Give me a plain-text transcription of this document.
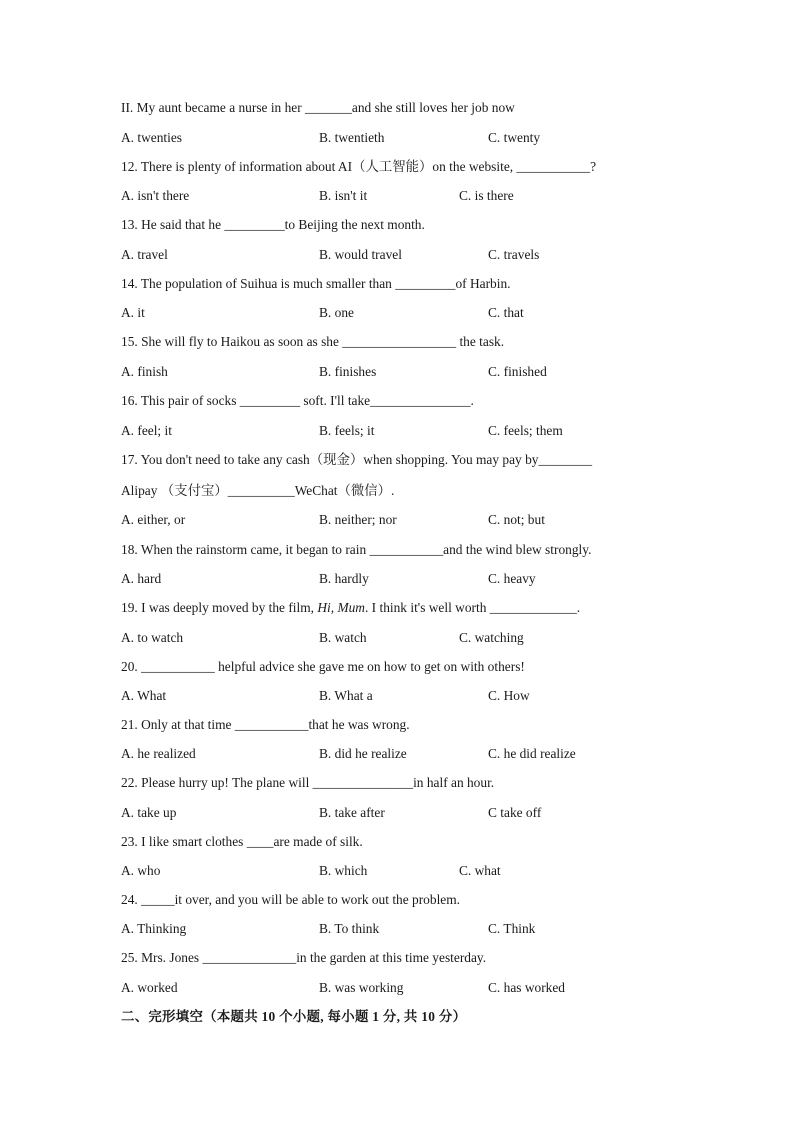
II. My aunt became a nurse in her _______and she still loves her job now
A. twenties	B. twentieth	C. twenty
12. There is plenty of information about AI（人工智能）on the website, ___________?
A. isn't there	B. isn't it	C. is there
13. He said that he _________to Beijing the next month.
A. travel	B. would travel	C. travels
14. The population of Suihua is much smaller than _________of Harbin.
A. it	B. one	C. that
15. She will fly to Haikou as soon as she _________________ the task.
A. finish	B. finishes	C. finished
16. This pair of socks _________ soft. I'll take_______________.
A. feel; it	B. feels; it	C. feels; them
17. You don't need to take any cash（现金）when shopping. You may pay by________
Alipay （支付宝）__________WeChat（微信）.
A. either, or	B. neither; nor	C. not; but
18. When the rainstorm came, it began to rain ___________and the wind blew strongly.
A. hard	B. hardly	C. heavy
19. I was deeply moved by the film, Hi, Mum. I think it's well worth _____________.
A. to watch	B. watch	C. watching
20. ___________ helpful advice she gave me on how to get on with others!
A. What	B. What a	C. How
21. Only at that time ___________that he was wrong.
A. he realized	B. did he realize	C. he did realize
22. Please hurry up! The plane will _______________in half an hour.
A. take up	B. take after	C take off
23. I like smart clothes ____are made of silk.
A. who	B. which	C. what
24. _____it over, and you will be able to work out the problem.
A. Thinking	B. To think	C. Think
25. Mrs. Jones ______________in the garden at this time yesterday.
A. worked	B. was working	C. has worked
二、完形填空（本题共 10 个小题, 每小题 1 分, 共 10 分）
